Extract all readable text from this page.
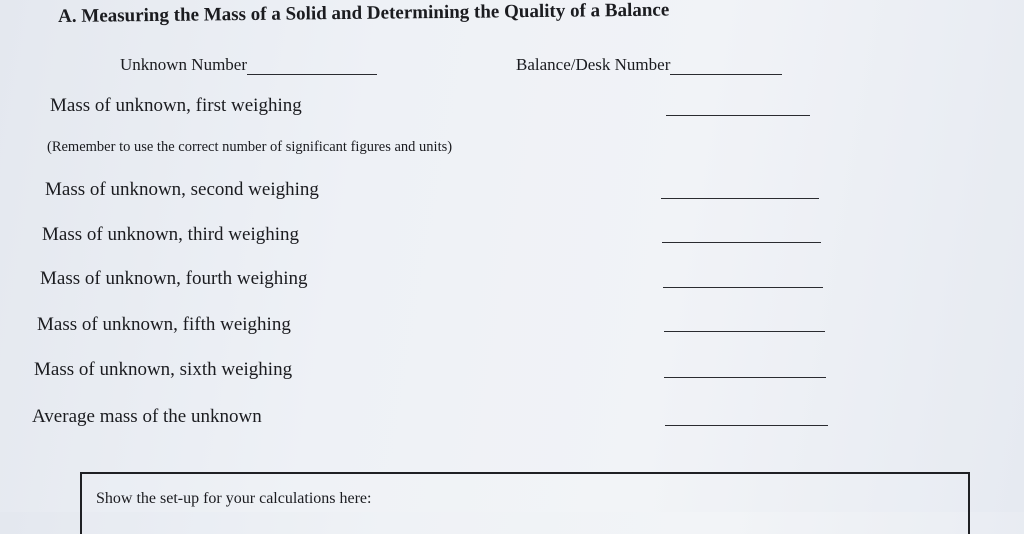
A. Measuring the Mass of a Solid and Determining the Quality of a Balance
Unknown Number	Balance/Desk Number
Mass of unknown, first weighing
(Remember to use the correct number of significant figures and units)
Mass of unknown, second weighing
Mass of unknown, third weighing
Mass of unknown, fourth weighing
Mass of unknown, fifth weighing
Mass of unknown, sixth weighing
Average mass of the unknown
Show the set-up for your calculations here:
